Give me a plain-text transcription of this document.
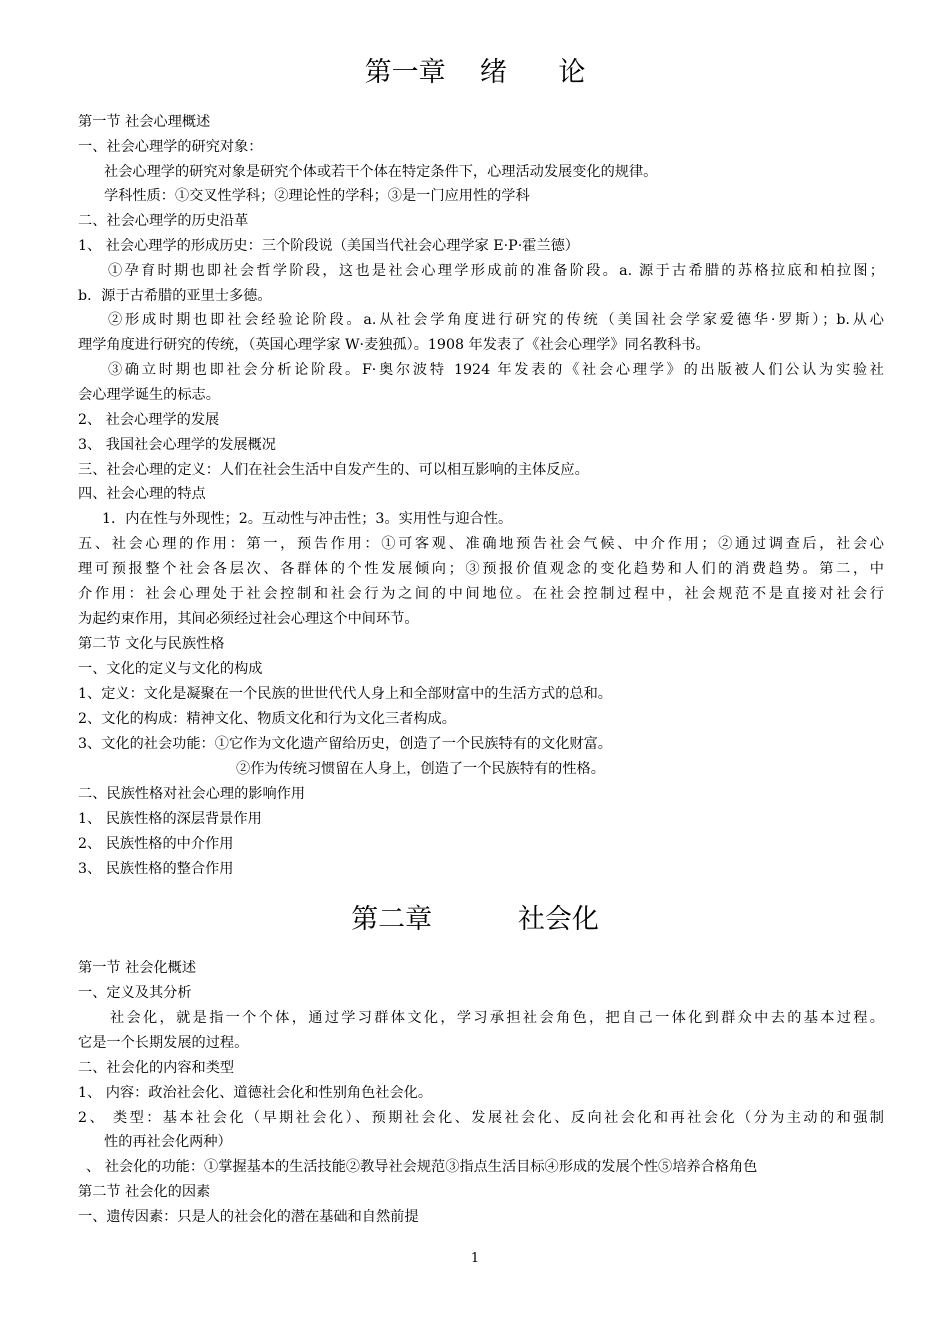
第一章    绪      论
第一节 社会心理概述
一、社会心理学的研究对象：
社会心理学的研究对象是研究个体或若干个体在特定条件下，心理活动发展变化的规律。
学科性质：①交叉性学科；②理论性的学科；③是一门应用性的学科
二、社会心理学的历史沿革
1、 社会心理学的形成历史：三个阶段说（美国当代社会心理学家 E·P·霍兰德）
①孕育时期也即社会哲学阶段，这也是社会心理学形成前的准备阶段。a. 源于古希腊的苏格拉底和柏拉图；
b．源于古希腊的亚里士多德。
②形成时期也即社会经验论阶段。a.从社会学角度进行研究的传统（美国社会学家爱德华·罗斯）；b.从心
理学角度进行研究的传统，（英国心理学家 W·麦独孤）。1908 年发表了《社会心理学》同名教科书。
③确立时期也即社会分析论阶段。F·奥尔波特 1924 年发表的《社会心理学》的出版被人们公认为实验社
会心理学诞生的标志。
2、 社会心理学的发展
3、 我国社会心理学的发展概况
三、社会心理的定义：人们在社会生活中自发产生的、可以相互影响的主体反应。
四、社会心理的特点
1．内在性与外现性；2。互动性与冲击性；3。实用性与迎合性。
五、社会心理的作用：第一，预告作用：①可客观、准确地预告社会气候、中介作用；②通过调查后，社会心
理可预报整个社会各层次、各群体的个性发展倾向；③预报价值观念的变化趋势和人们的消费趋势。第二，中
介作用：社会心理处于社会控制和社会行为之间的中间地位。在社会控制过程中，社会规范不是直接对社会行
为起约束作用，其间必须经过社会心理这个中间环节。
第二节 文化与民族性格
一、文化的定义与文化的构成
1、定义：文化是凝聚在一个民族的世世代代人身上和全部财富中的生活方式的总和。
2、文化的构成：精神文化、物质文化和行为文化三者构成。
3、文化的社会功能：①它作为文化遗产留给历史，创造了一个民族特有的文化财富。
②作为传统习惯留在人身上，创造了一个民族特有的性格。
二、民族性格对社会心理的影响作用
1、 民族性格的深层背景作用
2、 民族性格的中介作用
3、 民族性格的整合作用
第二章          社会化
第一节 社会化概述
一、定义及其分析
社会化，就是指一个个体，通过学习群体文化，学习承担社会角色，把自己一体化到群众中去的基本过程。
它是一个长期发展的过程。
二、社会化的内容和类型
1、 内容：政治社会化、道德社会化和性别角色社会化。
2、 类型：基本社会化（早期社会化）、预期社会化、发展社会化、反向社会化和再社会化（分为主动的和强制
性的再社会化两种）
、 社会化的功能：①掌握基本的生活技能②教导社会规范③指点生活目标④形成的发展个性⑤培养合格角色
第二节 社会化的因素
一、遗传因素：只是人的社会化的潜在基础和自然前提
1
